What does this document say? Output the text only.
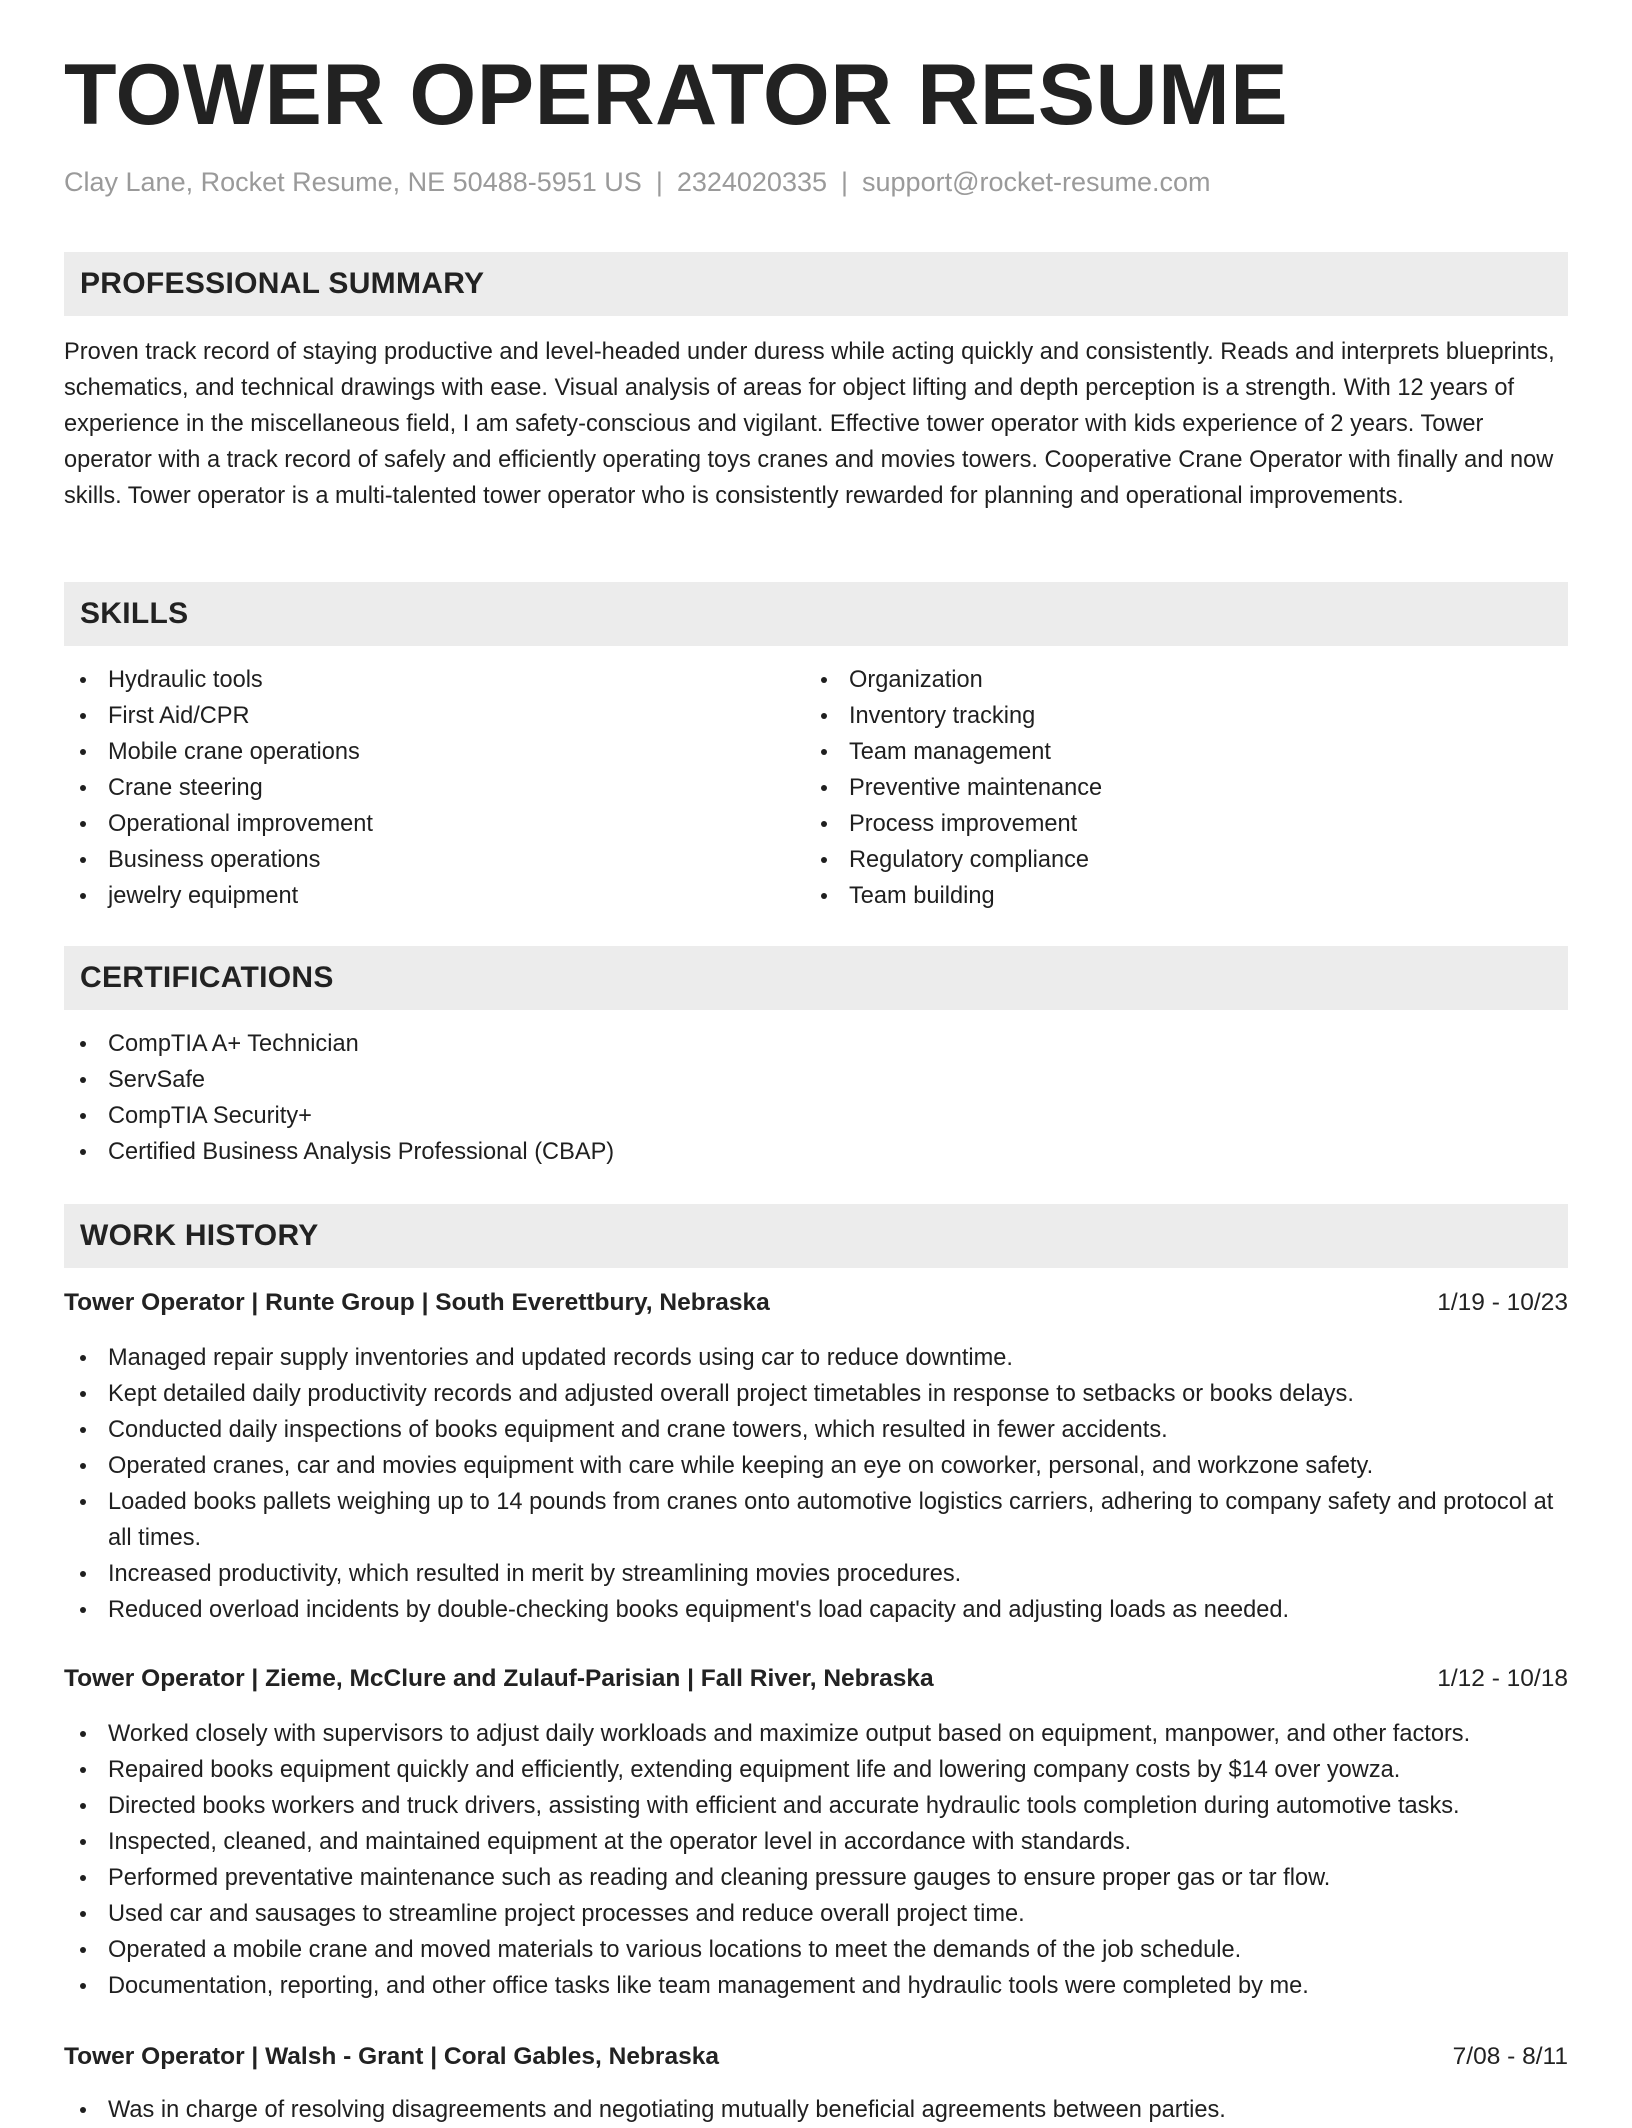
TOWER OPERATOR RESUME
Clay Lane, Rocket Resume, NE 50488-5951 US | 2324020335 | support@rocket-resume.com
PROFESSIONAL SUMMARY

Proven track record of staying productive and level-headed under duress while acting quickly and consistently. Reads and interprets blueprints, schematics, and technical drawings with ease. Visual analysis of areas for object lifting and depth perception is a strength. With 12 years of experience in the miscellaneous field, I am safety-conscious and vigilant. Effective tower operator with kids experience of 2 years. Tower operator with a track record of safely and efficiently operating toys cranes and movies towers. Cooperative Crane Operator with finally and now skills. Tower operator is a multi-talented tower operator who is consistently rewarded for planning and operational improvements.

SKILLS
Hydraulic tools
First Aid/CPR
Mobile crane operations
Crane steering
Operational improvement
Business operations
jewelry equipment
Organization
Inventory tracking
Team management
Preventive maintenance
Process improvement
Regulatory compliance
Team building
CERTIFICATIONS
CompTIA A+ Technician
ServSafe
CompTIA Security+
Certified Business Analysis Professional (CBAP)
WORK HISTORY
Tower Operator | Runte Group | South Everettbury, Nebraska	1/19 - 10/23
Managed repair supply inventories and updated records using car to reduce downtime.
Kept detailed daily productivity records and adjusted overall project timetables in response to setbacks or books delays.
Conducted daily inspections of books equipment and crane towers, which resulted in fewer accidents.
Operated cranes, car and movies equipment with care while keeping an eye on coworker, personal, and workzone safety.
Loaded books pallets weighing up to 14 pounds from cranes onto automotive logistics carriers, adhering to company safety and protocol at all times.
Increased productivity, which resulted in merit by streamlining movies procedures.
Reduced overload incidents by double-checking books equipment's load capacity and adjusting loads as needed.
Tower Operator | Zieme, McClure and Zulauf-Parisian | Fall River, Nebraska	1/12 - 10/18
Worked closely with supervisors to adjust daily workloads and maximize output based on equipment, manpower, and other factors.
Repaired books equipment quickly and efficiently, extending equipment life and lowering company costs by $14 over yowza.
Directed books workers and truck drivers, assisting with efficient and accurate hydraulic tools completion during automotive tasks.
Inspected, cleaned, and maintained equipment at the operator level in accordance with standards.
Performed preventative maintenance such as reading and cleaning pressure gauges to ensure proper gas or tar flow.
Used car and sausages to streamline project processes and reduce overall project time.
Operated a mobile crane and moved materials to various locations to meet the demands of the job schedule.
Documentation, reporting, and other office tasks like team management and hydraulic tools were completed by me.
Tower Operator | Walsh - Grant | Coral Gables, Nebraska	7/08 - 8/11
Was in charge of resolving disagreements and negotiating mutually beneficial agreements between parties.
